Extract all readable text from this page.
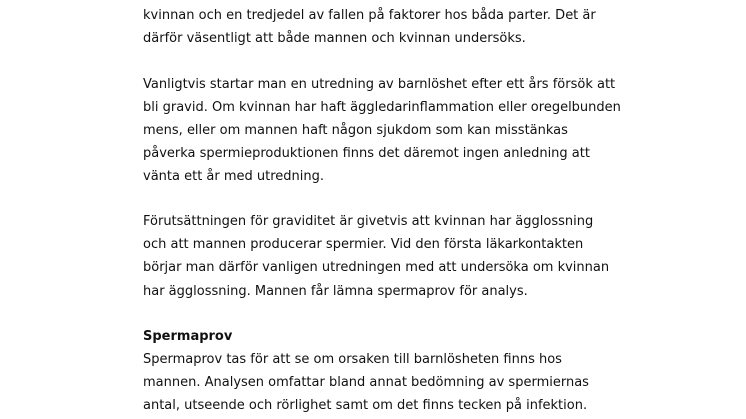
kvinnan och en tredjedel av fallen på faktorer hos båda parter. Det är
därför väsentligt att både mannen och kvinnan undersöks.
Vanligtvis startar man en utredning av barnlöshet efter ett års försök att
bli gravid. Om kvinnan har haft äggledarinflammation eller oregelbunden
mens, eller om mannen haft någon sjukdom som kan misstänkas
påverka spermieproduktionen finns det däremot ingen anledning att
vänta ett år med utredning.
Förutsättningen för graviditet är givetvis att kvinnan har ägglossning
och att mannen producerar spermier. Vid den första läkarkontakten
börjar man därför vanligen utredningen med att undersöka om kvinnan
har ägglossning. Mannen får lämna spermaprov för analys.
Spermaprov
Spermaprov tas för att se om orsaken till barnlösheten finns hos
mannen. Analysen omfattar bland annat bedömning av spermiernas
antal, utseende och rörlighet samt om det finns tecken på infektion.
